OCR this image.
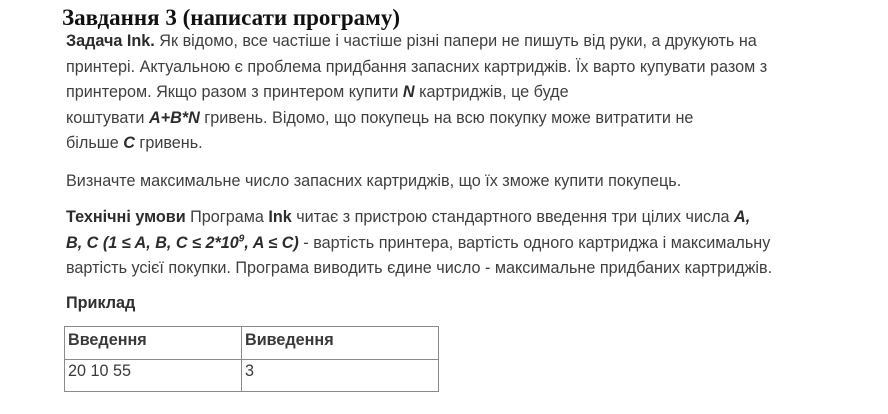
Завдання 3 (написати програму)
Задача Ink. Як відомо, все частіше і частіше різні папери не пишуть від руки, а друкують на
принтері. Актуальною є проблема придбання запасних картриджів. Їх варто купувати разом з
принтером. Якщо разом з принтером купити N картриджів, це буде
коштувати A+B*N гривень. Відомо, що покупець на всю покупку може витратити не
більше C гривень.
Визначте максимальне число запасних картриджів, що їх зможе купити покупець.
Технічні умови Програма Ink читає з пристрою стандартного введення три цілих числа A,
B, C (1 ≤ A, B, $C \le 2*10^9$, A ≤ C) - вартість принтера, вартість одного картриджа і максимальну
вартість усієї покупки. Програма виводить єдине число - максимальне придбаних картриджів.
Приклад
Введення	Виведення
20 10 55	3
